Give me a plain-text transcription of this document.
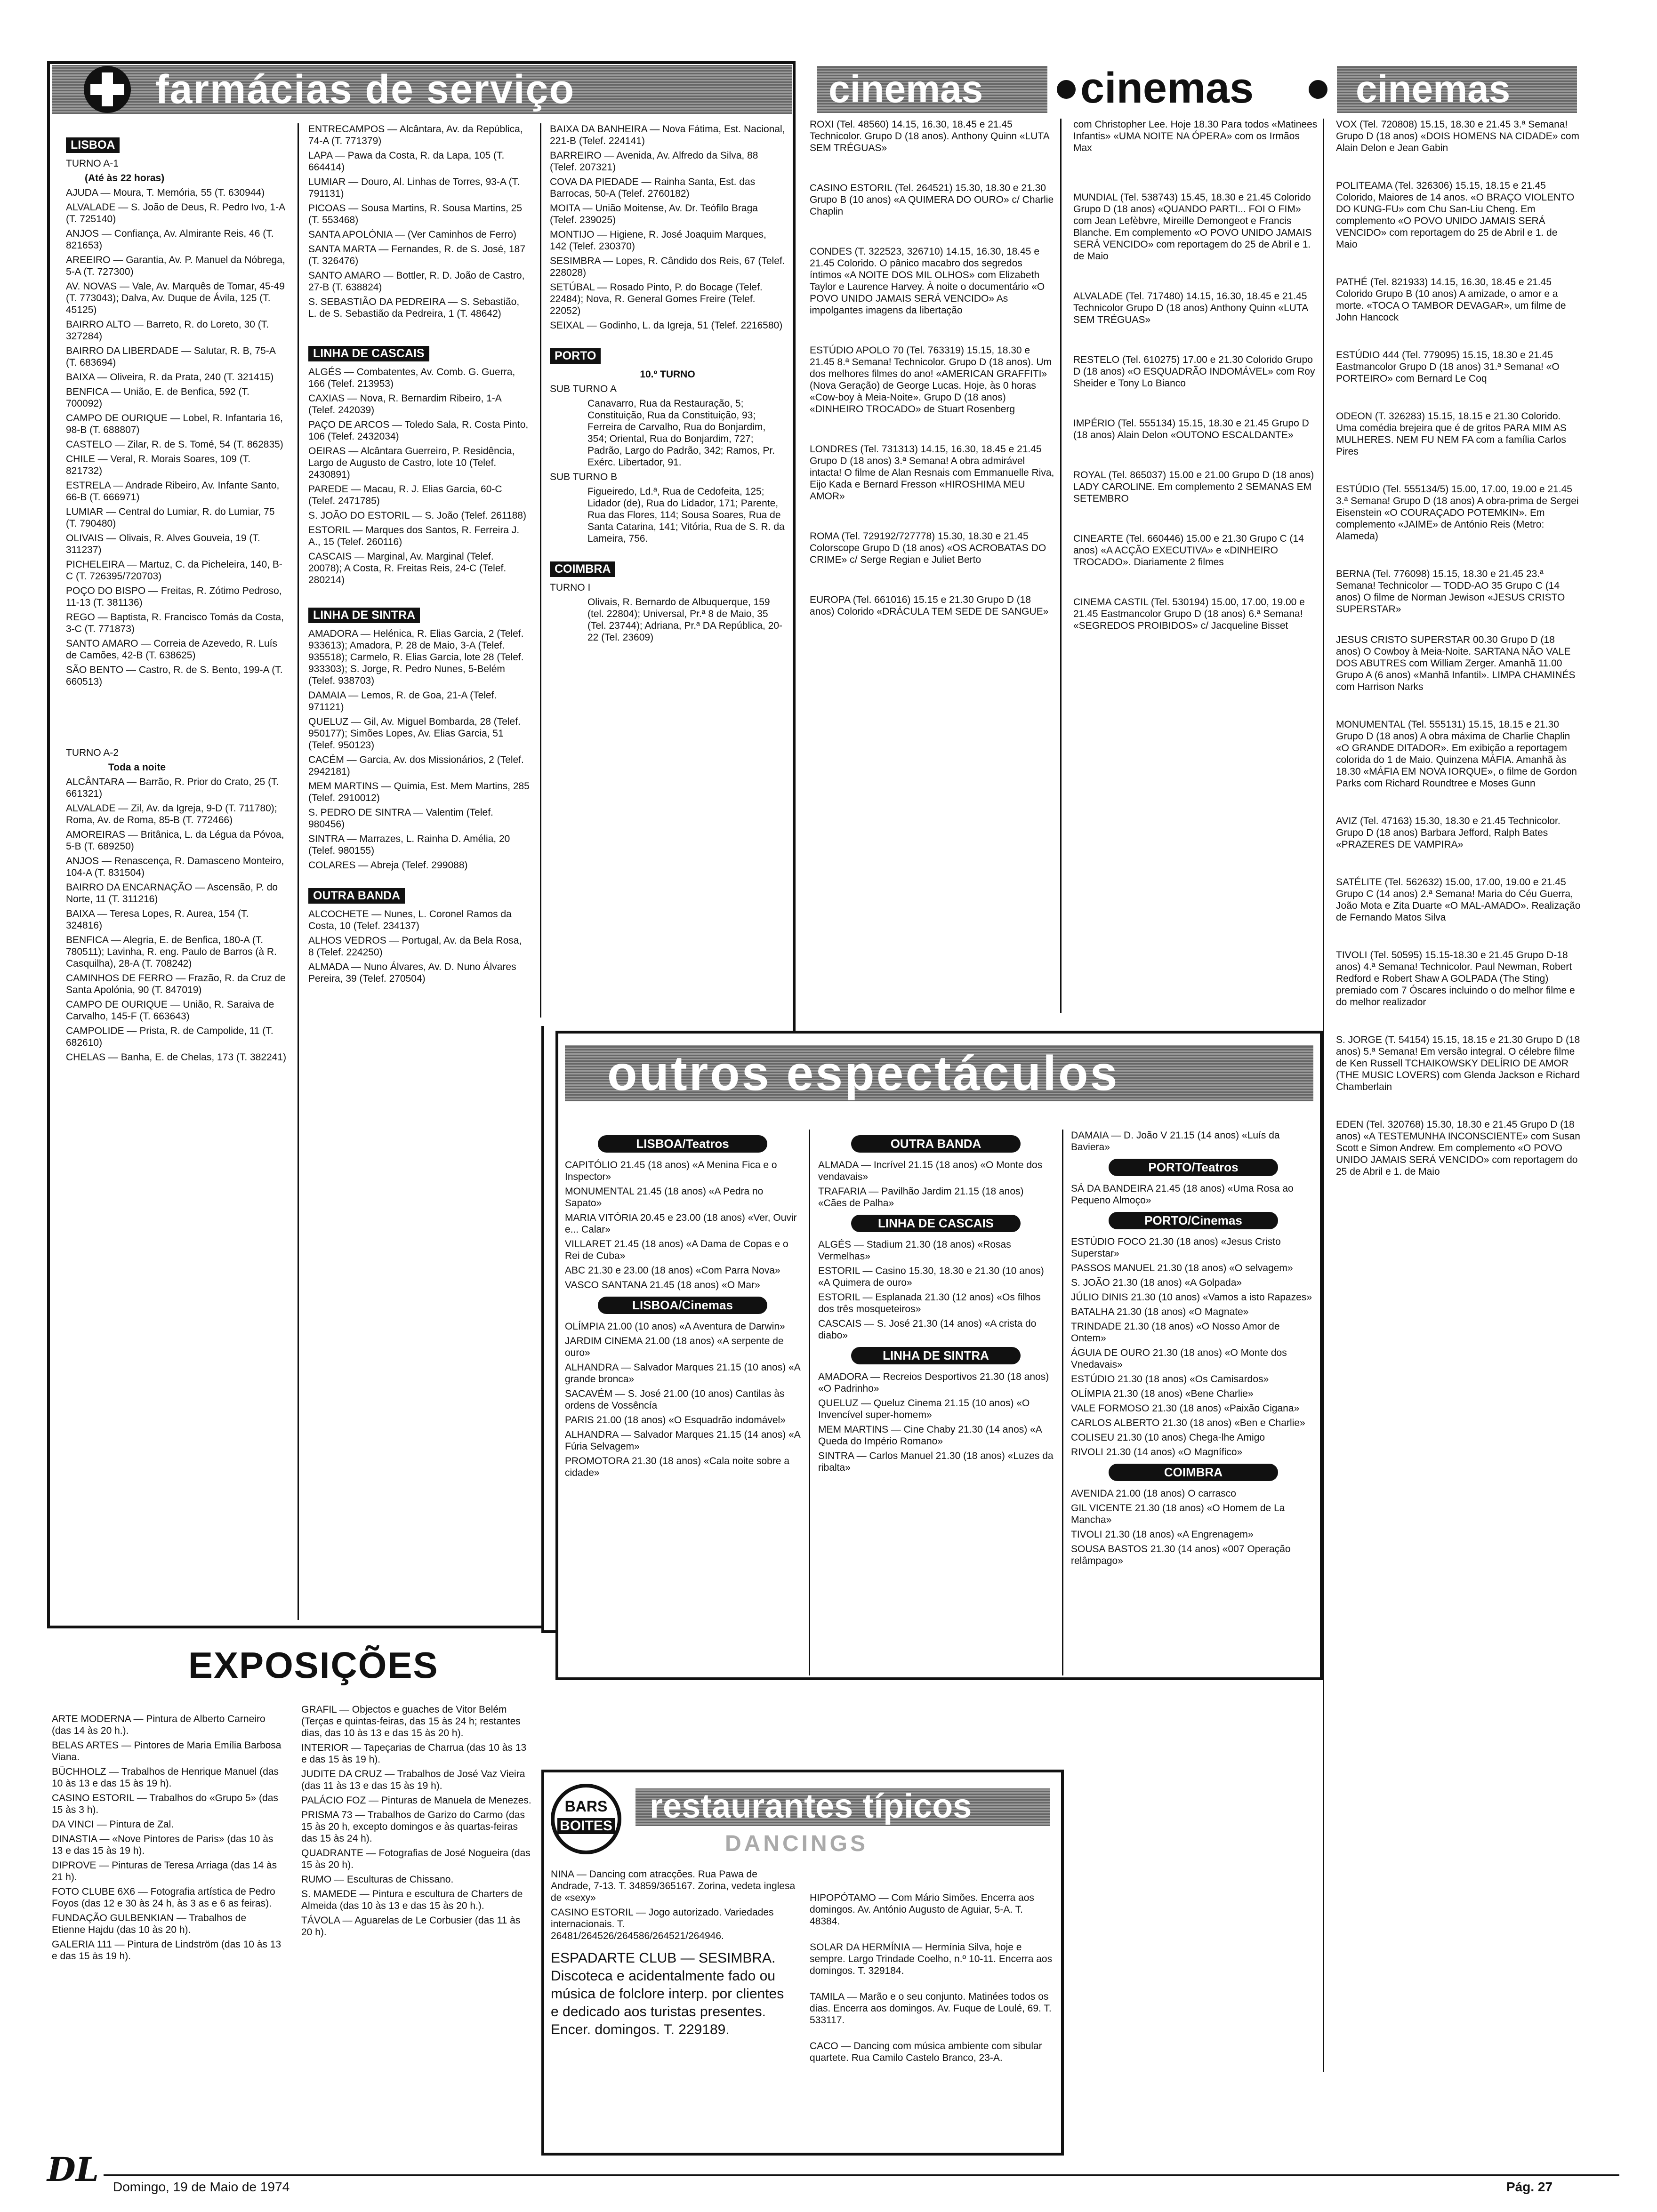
farmácias de serviço
LISBOA

TURNO A-1

(Até às 22 horas)

AJUDA — Moura, T. Memória, 55 (T. 630944)

ALVALADE — S. João de Deus, R. Pedro Ivo, 1-A (T. 725140)

ANJOS — Confiança, Av. Almirante Reis, 46 (T. 821653)

AREEIRO — Garantia, Av. P. Manuel da Nóbrega, 5-A (T. 727300)

AV. NOVAS — Vale, Av. Marquês de Tomar, 45-49 (T. 773043); Dalva, Av. Duque de Ávila, 125 (T. 45125)

BAIRRO ALTO — Barreto, R. do Loreto, 30 (T. 327284)

BAIRRO DA LIBERDADE — Salutar, R. B, 75-A (T. 683694)

BAIXA — Oliveira, R. da Prata, 240 (T. 321415)

BENFICA — União, E. de Benfica, 592 (T. 700092)

CAMPO DE OURIQUE — Lobel, R. Infantaria 16, 98-B (T. 688807)

CASTELO — Zilar, R. de S. Tomé, 54 (T. 862835)

CHILE — Veral, R. Morais Soares, 109 (T. 821732)

ESTRELA — Andrade Ribeiro, Av. Infante Santo, 66-B (T. 666971)

LUMIAR — Central do Lumiar, R. do Lumiar, 75 (T. 790480)

OLIVAIS — Olivais, R. Alves Gouveia, 19 (T. 311237)

PICHELEIRA — Martuz, C. da Picheleira, 140, B-C (T. 726395/720703)

POÇO DO BISPO — Freitas, R. Zótimo Pedroso, 11-13 (T. 381136)

REGO — Baptista, R. Francisco Tomás da Costa, 3-C (T. 771873)

SANTO AMARO — Correia de Azevedo, R. Luís de Camões, 42-B (T. 638625)

SÃO BENTO — Castro, R. de S. Bento, 199-A (T. 660513)

TURNO A-2

Toda a noite

ALCÂNTARA — Barrão, R. Prior do Crato, 25 (T. 661321)

ALVALADE — Zil, Av. da Igreja, 9-D (T. 711780); Roma, Av. de Roma, 85-B (T. 772466)

AMOREIRAS — Britânica, L. da Légua da Póvoa, 5-B (T. 689250)

ANJOS — Renascença, R. Damasceno Monteiro, 104-A (T. 831504)

BAIRRO DA ENCARNAÇÃO — Ascensão, P. do Norte, 11 (T. 311216)

BAIXA — Teresa Lopes, R. Aurea, 154 (T. 324816)

BENFICA — Alegria, E. de Benfica, 180-A (T. 780511); Lavinha, R. eng. Paulo de Barros (à R. Casquilha), 28-A (T. 708242)

CAMINHOS DE FERRO — Frazão, R. da Cruz de Santa Apolónia, 90 (T. 847019)

CAMPO DE OURIQUE — União, R. Saraiva de Carvalho, 145-F (T. 663643)

CAMPOLIDE — Prista, R. de Campolide, 11 (T. 682610)

CHELAS — Banha, E. de Chelas, 173 (T. 382241)

ENTRECAMPOS — Alcântara, Av. da República, 74-A (T. 771379)

LAPA — Pawa da Costa, R. da Lapa, 105 (T. 664414)

LUMIAR — Douro, Al. Linhas de Torres, 93-A (T. 791131)

PICOAS — Sousa Martins, R. Sousa Martins, 25 (T. 553468)

SANTA APOLÓNIA — (Ver Caminhos de Ferro)

SANTA MARTA — Fernandes, R. de S. José, 187 (T. 326476)

SANTO AMARO — Bottler, R. D. João de Castro, 27-B (T. 638824)

S. SEBASTIÃO DA PEDREIRA — S. Sebastião, L. de S. Sebastião da Pedreira, 1 (T. 48642)

LINHA DE CASCAIS

ALGÉS — Combatentes, Av. Comb. G. Guerra, 166 (Telef. 213953)

CAXIAS — Nova, R. Bernardim Ribeiro, 1-A (Telef. 242039)

PAÇO DE ARCOS — Toledo Sala, R. Costa Pinto, 106 (Telef. 2432034)

OEIRAS — Alcântara Guerreiro, P. Residência, Largo de Augusto de Castro, lote 10 (Telef. 2430891)

PAREDE — Macau, R. J. Elias Garcia, 60-C (Telef. 2471785)

S. JOÃO DO ESTORIL — S. João (Telef. 261188)

ESTORIL — Marques dos Santos, R. Ferreira J. A., 15 (Telef. 260116)

CASCAIS — Marginal, Av. Marginal (Telef. 20078); A Costa, R. Freitas Reis, 24-C (Telef. 280214)

LINHA DE SINTRA

AMADORA — Helénica, R. Elias Garcia, 2 (Telef. 933613); Amadora, P. 28 de Maio, 3-A (Telef. 935518); Carmelo, R. Elias Garcia, lote 28 (Telef. 933303); S. Jorge, R. Pedro Nunes, 5-Belém (Telef. 938703)

DAMAIA — Lemos, R. de Goa, 21-A (Telef. 971121)

QUELUZ — Gil, Av. Miguel Bombarda, 28 (Telef. 950177); Simões Lopes, Av. Elias Garcia, 51 (Telef. 950123)

CACÉM — Garcia, Av. dos Missionários, 2 (Telef. 2942181)

MEM MARTINS — Quimia, Est. Mem Martins, 285 (Telef. 2910012)

S. PEDRO DE SINTRA — Valentim (Telef. 980456)

SINTRA — Marrazes, L. Rainha D. Amélia, 20 (Telef. 980155)

COLARES — Abreja (Telef. 299088)

OUTRA BANDA

ALCOCHETE — Nunes, L. Coronel Ramos da Costa, 10 (Telef. 234137)

ALHOS VEDROS — Portugal, Av. da Bela Rosa, 8 (Telef. 224250)

ALMADA — Nuno Álvares, Av. D. Nuno Álvares Pereira, 39 (Telef. 270504)

BAIXA DA BANHEIRA — Nova Fátima, Est. Nacional, 221-B (Telef. 224141)

BARREIRO — Avenida, Av. Alfredo da Silva, 88 (Telef. 207321)

COVA DA PIEDADE — Rainha Santa, Est. das Barrocas, 50-A (Telef. 2760182)

MOITA — União Moitense, Av. Dr. Teófilo Braga (Telef. 239025)

MONTIJO — Higiene, R. José Joaquim Marques, 142 (Telef. 230370)

SESIMBRA — Lopes, R. Cândido dos Reis, 67 (Telef. 228028)

SETÚBAL — Rosado Pinto, P. do Bocage (Telef. 22484); Nova, R. General Gomes Freire (Telef. 22052)

SEIXAL — Godinho, L. da Igreja, 51 (Telef. 2216580)

PORTO

10.º TURNO

SUB TURNO A

Canavarro, Rua da Restauração, 5; Constituição, Rua da Constituição, 93; Ferreira de Carvalho, Rua do Bonjardim, 354; Oriental, Rua do Bonjardim, 727; Padrão, Largo do Padrão, 342; Ramos, Pr. Exérc. Libertador, 91.

SUB TURNO B

Figueiredo, Ld.ª, Rua de Cedofeita, 125; Lidador (de), Rua do Lidador, 171; Parente, Rua das Flores, 114; Sousa Soares, Rua de Santa Catarina, 141; Vitória, Rua de S. R. da Lameira, 756.

COIMBRA

TURNO I

Olivais, R. Bernardo de Albuquerque, 159 (tel. 22804); Universal, Pr.ª 8 de Maio, 35 (Tel. 23744); Adriana, Pr.ª DA República, 20-22 (Tel. 23609)

cinemas cinemas	cinemas

ROXI (Tel. 48560) 14.15, 16.30, 18.45 e 21.45 Technicolor. Grupo D (18 anos). Anthony Quinn «LUTA SEM TRÉGUAS»

CASINO ESTORIL (Tel. 264521) 15.30, 18.30 e 21.30 Grupo B (10 anos) «A QUIMERA DO OURO» c/ Charlie Chaplin

CONDES (T. 322523, 326710) 14.15, 16.30, 18.45 e 21.45 Colorido. O pânico macabro dos segredos íntimos «A NOITE DOS MIL OLHOS» com Elizabeth Taylor e Laurence Harvey. À noite o documentário «O POVO UNIDO JAMAIS SERÁ VENCIDO» As impolgantes imagens da libertação

ESTÚDIO APOLO 70 (Tel. 763319) 15.15, 18.30 e 21.45 8.ª Semana! Technicolor. Grupo D (18 anos). Um dos melhores filmes do ano! «AMERICAN GRAFFITI» (Nova Geração) de George Lucas. Hoje, às 0 horas «Cow-boy à Meia-Noite». Grupo D (18 anos) «DINHEIRO TROCADO» de Stuart Rosenberg

LONDRES (Tel. 731313) 14.15, 16.30, 18.45 e 21.45 Grupo D (18 anos) 3.ª Semana! A obra admirável intacta! O filme de Alan Resnais com Emmanuelle Riva, Eijo Kada e Bernard Fresson «HIROSHIMA MEU AMOR»

ROMA (Tel. 729192/727778) 15.30, 18.30 e 21.45 Colorscope Grupo D (18 anos) «OS ACROBATAS DO CRIME» c/ Serge Regian e Juliet Berto

EUROPA (Tel. 661016) 15.15 e 21.30 Grupo D (18 anos) Colorido «DRÁCULA TEM SEDE DE SANGUE»

com Christopher Lee. Hoje 18.30 Para todos «Matinees Infantis» «UMA NOITE NA ÓPERA» com os Irmãos Max

MUNDIAL (Tel. 538743) 15.45, 18.30 e 21.45 Colorido Grupo D (18 anos) «QUANDO PARTI... FOI O FIM» com Jean Lefèbvre, Mireille Demongeot e Francis Blanche. Em complemento «O POVO UNIDO JAMAIS SERÁ VENCIDO» com reportagem do 25 de Abril e 1. de Maio

ALVALADE (Tel. 717480) 14.15, 16.30, 18.45 e 21.45 Technicolor Grupo D (18 anos) Anthony Quinn «LUTA SEM TRÉGUAS»

RESTELO (Tel. 610275) 17.00 e 21.30 Colorido Grupo D (18 anos) «O ESQUADRÃO INDOMÁVEL» com Roy Sheider e Tony Lo Bianco

IMPÉRIO (Tel. 555134) 15.15, 18.30 e 21.45 Grupo D (18 anos) Alain Delon «OUTONO ESCALDANTE»

ROYAL (Tel. 865037) 15.00 e 21.00 Grupo D (18 anos) LADY CAROLINE. Em complemento 2 SEMANAS EM SETEMBRO

CINEARTE (Tel. 660446) 15.00 e 21.30 Grupo C (14 anos) «A ACÇÃO EXECUTIVA» e «DINHEIRO TROCADO». Diariamente 2 filmes

CINEMA CASTIL (Tel. 530194) 15.00, 17.00, 19.00 e 21.45 Eastmancolor Grupo D (18 anos) 6.ª Semana! «SEGREDOS PROIBIDOS» c/ Jacqueline Bisset

VOX (Tel. 720808) 15.15, 18.30 e 21.45 3.ª Semana! Grupo D (18 anos) «DOIS HOMENS NA CIDADE» com Alain Delon e Jean Gabin

POLITEAMA (Tel. 326306) 15.15, 18.15 e 21.45 Colorido, Maiores de 14 anos. «O BRAÇO VIOLENTO DO KUNG-FU» com Chu San-Liu Cheng. Em complemento «O POVO UNIDO JAMAIS SERÁ VENCIDO» com reportagem do 25 de Abril e 1. de Maio

PATHÉ (Tel. 821933) 14.15, 16.30, 18.45 e 21.45 Colorido Grupo B (10 anos) A amizade, o amor e a morte. «TOCA O TAMBOR DEVAGAR», um filme de John Hancock

ESTÚDIO 444 (Tel. 779095) 15.15, 18.30 e 21.45 Eastmancolor Grupo D (18 anos) 31.ª Semana! «O PORTEIRO» com Bernard Le Coq

ODEON (T. 326283) 15.15, 18.15 e 21.30 Colorido. Uma comédia brejeira que é de gritos PARA MIM AS MULHERES. NEM FU NEM FA com a família Carlos Pires

ESTÚDIO (Tel. 555134/5) 15.00, 17.00, 19.00 e 21.45 3.ª Semana! Grupo D (18 anos) A obra-prima de Sergei Eisenstein «O COURAÇADO POTEMKIN». Em complemento «JAIME» de António Reis (Metro: Alameda)

BERNA (Tel. 776098) 15.15, 18.30 e 21.45 23.ª Semana! Technicolor — TODD-AO 35 Grupo C (14 anos) O filme de Norman Jewison «JESUS CRISTO SUPERSTAR»

JESUS CRISTO SUPERSTAR 00.30 Grupo D (18 anos) O Cowboy à Meia-Noite. SARTANA NÃO VALE DOS ABUTRES com William Zerger. Amanhã 11.00 Grupo A (6 anos) «Manhã Infantil». LIMPA CHAMINÉS com Harrison Narks

MONUMENTAL (Tel. 555131) 15.15, 18.15 e 21.30 Grupo D (18 anos) A obra máxima de Charlie Chaplin «O GRANDE DITADOR». Em exibição a reportagem colorida do 1 de Maio. Quinzena MÁFIA. Amanhã às 18.30 «MÁFIA EM NOVA IORQUE», o filme de Gordon Parks com Richard Roundtree e Moses Gunn

AVIZ (Tel. 47163) 15.30, 18.30 e 21.45 Technicolor. Grupo D (18 anos) Barbara Jefford, Ralph Bates «PRAZERES DE VAMPIRA»

SATÉLITE (Tel. 562632) 15.00, 17.00, 19.00 e 21.45 Grupo C (14 anos) 2.ª Semana! Maria do Céu Guerra, João Mota e Zita Duarte «O MAL-AMADO». Realização de Fernando Matos Silva

TIVOLI (Tel. 50595) 15.15-18.30 e 21.45 Grupo D-18 anos) 4.ª Semana! Technicolor. Paul Newman, Robert Redford e Robert Shaw A GOLPADA (The Sting) premiado com 7 Óscares incluindo o do melhor filme e do melhor realizador

S. JORGE (T. 54154) 15.15, 18.15 e 21.30 Grupo D (18 anos) 5.ª Semana! Em versão integral. O célebre filme de Ken Russell TCHAIKOWSKY DELÍRIO DE AMOR (THE MUSIC LOVERS) com Glenda Jackson e Richard Chamberlain

EDEN (Tel. 320768) 15.30, 18.30 e 21.45 Grupo D (18 anos) «A TESTEMUNHA INCONSCIENTE» com Susan Scott e Simon Andrew. Em complemento «O POVO UNIDO JAMAIS SERÁ VENCIDO» com reportagem do 25 de Abril e 1. de Maio

outros espectáculos
LISBOA/Teatros

CAPITÓLIO 21.45 (18 anos) «A Menina Fica e o Inspector»

MONUMENTAL 21.45 (18 anos) «A Pedra no Sapato»

MARIA VITÓRIA 20.45 e 23.00 (18 anos) «Ver, Ouvir e... Calar»

VILLARET 21.45 (18 anos) «A Dama de Copas e o Rei de Cuba»

ABC 21.30 e 23.00 (18 anos) «Com Parra Nova»

VASCO SANTANA 21.45 (18 anos) «O Mar»

LISBOA/Cinemas

OLÍMPIA 21.00 (10 anos) «A Aventura de Darwin»

JARDIM CINEMA 21.00 (18 anos) «A serpente de ouro»

ALHANDRA — Salvador Marques 21.15 (10 anos) «A grande bronca»

SACAVÉM — S. José 21.00 (10 anos) Cantilas às ordens de Vossêncía

PARIS 21.00 (18 anos) «O Esquadrão indomável»

ALHANDRA — Salvador Marques 21.15 (14 anos) «A Fúria Selvagem»

PROMOTORA 21.30 (18 anos) «Cala noite sobre a cidade»

OUTRA BANDA

ALMADA — Incrível 21.15 (18 anos) «O Monte dos vendavais»

TRAFARIA — Pavilhão Jardim 21.15 (18 anos) «Cães de Palha»

LINHA DE CASCAIS

ALGÉS — Stadium 21.30 (18 anos) «Rosas Vermelhas»

ESTORIL — Casino 15.30, 18.30 e 21.30 (10 anos) «A Quimera de ouro»

ESTORIL — Esplanada 21.30 (12 anos) «Os filhos dos três mosqueteiros»

CASCAIS — S. José 21.30 (14 anos) «A crista do diabo»

LINHA DE SINTRA

AMADORA — Recreios Desportivos 21.30 (18 anos) «O Padrinho»

QUELUZ — Queluz Cinema 21.15 (10 anos) «O Invencível super-homem»

MEM MARTINS — Cine Chaby 21.30 (14 anos) «A Queda do Império Romano»

SINTRA — Carlos Manuel 21.30 (18 anos) «Luzes da ribalta»

DAMAIA — D. João V 21.15 (14 anos) «Luís da Baviera»

PORTO/Teatros

SÁ DA BANDEIRA 21.45 (18 anos) «Uma Rosa ao Pequeno Almoço»

PORTO/Cinemas

ESTÚDIO FOCO 21.30 (18 anos) «Jesus Cristo Superstar»

PASSOS MANUEL 21.30 (18 anos) «O selvagem»

S. JOÃO 21.30 (18 anos) «A Golpada»

JÚLIO DINIS 21.30 (10 anos) «Vamos a isto Rapazes»

BATALHA 21.30 (18 anos) «O Magnate»

TRINDADE 21.30 (18 anos) «O Nosso Amor de Ontem»

ÁGUIA DE OURO 21.30 (18 anos) «O Monte dos Vnedavais»

ESTÚDIO 21.30 (18 anos) «Os Camisardos»

OLÍMPIA 21.30 (18 anos) «Bene Charlie»

VALE FORMOSO 21.30 (18 anos) «Paixão Cigana»

CARLOS ALBERTO 21.30 (18 anos) «Ben e Charlie»

COLISEU 21.30 (10 anos) Chega-lhe Amigo

RIVOLI 21.30 (14 anos) «O Magnífico»

COIMBRA

AVENIDA 21.00 (18 anos) O carrasco

GIL VICENTE 21.30 (18 anos) «O Homem de La Mancha»

TIVOLI 21.30 (18 anos) «A Engrenagem»

SOUSA BASTOS 21.30 (14 anos) «007 Operação relâmpago»

BARS
BOITES
restaurantes típicos
DANCINGS

NINA — Dancing com atracções. Rua Pawa de Andrade, 7-13. T. 34859/365167. Zorina, vedeta inglesa de «sexy»

CASINO ESTORIL — Jogo autorizado. Variedades internacionais. T. 26481/264526/264586/264521/264946.

ESPADARTE CLUB — SESIMBRA. Discoteca e acidentalmente fado ou música de folclore interp. por clientes e dedicado aos turistas presentes. Encer. domingos. T. 229189.

HIPOPÓTAMO — Com Mário Simões. Encerra aos domingos. Av. António Augusto de Aguiar, 5-A. T. 48384.

SOLAR DA HERMÍNIA — Hermínia Silva, hoje e sempre. Largo Trindade Coelho, n.º 10-11. Encerra aos domingos. T. 329184.

TAMILA — Marão e o seu conjunto. Matinées todos os dias. Encerra aos domingos. Av. Fuque de Loulé, 69. T. 533117.

CACO — Dancing com música ambiente com sibular quartete. Rua Camilo Castelo Branco, 23-A.

EXPOSIÇÕES

ARTE MODERNA — Pintura de Alberto Carneiro (das 14 às 20 h.).

BELAS ARTES — Pintores de Maria Emília Barbosa Viana.

BÜCHHOLZ — Trabalhos de Henrique Manuel (das 10 às 13 e das 15 às 19 h).

CASINO ESTORIL — Trabalhos do «Grupo 5» (das 15 às 3 h).

DA VINCI — Pintura de Zal.

DINASTIA — «Nove Pintores de Paris» (das 10 às 13 e das 15 às 19 h).

DIPROVE — Pinturas de Teresa Arriaga (das 14 às 21 h).

FOTO CLUBE 6X6 — Fotografia artística de Pedro Foyos (das 12 e 30 às 24 h, às 3 as e 6 as feiras).

FUNDAÇÃO GULBENKIAN — Trabalhos de Etienne Hajdu (das 10 às 20 h).

GALERIA 111 — Pintura de Lindström (das 10 às 13 e das 15 às 19 h).

GRAFIL — Objectos e guaches de Vitor Belém (Terças e quintas-feiras, das 15 às 24 h; restantes dias, das 10 às 13 e das 15 às 20 h).

INTERIOR — Tapeçarias de Charrua (das 10 às 13 e das 15 às 19 h).

JUDITE DA CRUZ — Trabalhos de José Vaz Vieira (das 11 às 13 e das 15 às 19 h).

PALÁCIO FOZ — Pinturas de Manuela de Menezes.

PRISMA 73 — Trabalhos de Garizo do Carmo (das 15 às 20 h, excepto domingos e às quartas-feiras das 15 às 24 h).

QUADRANTE — Fotografias de José Nogueira (das 15 às 20 h).

RUMO — Esculturas de Chissano.

S. MAMEDE — Pintura e escultura de Charters de Almeida (das 10 às 13 e das 15 às 20 h.).

TÁVOLA — Aguarelas de Le Corbusier (das 11 às 20 h).

DL Domingo, 19 de Maio de 1974	Pág. 27
